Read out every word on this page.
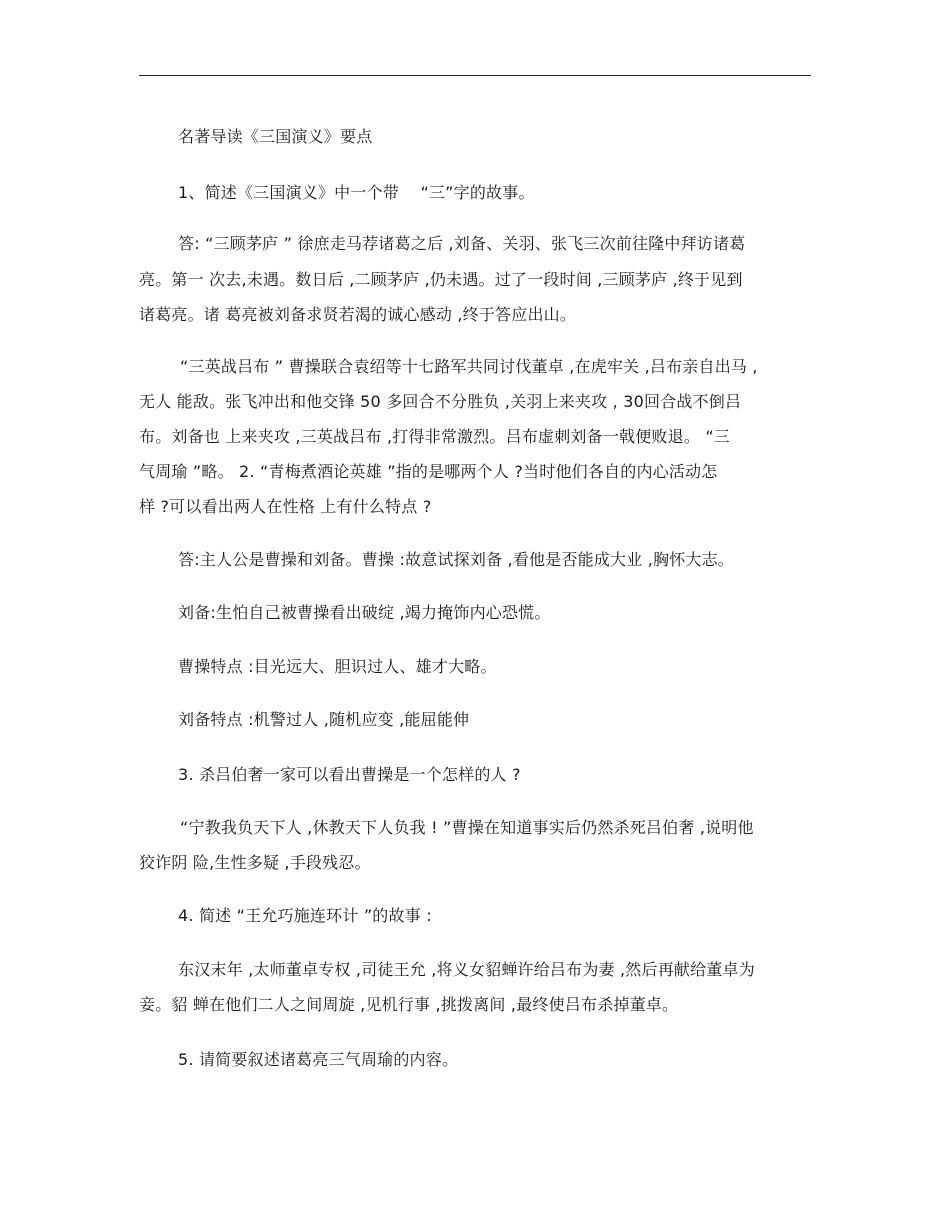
名著导读《三国演义》要点
1、简述《三国演义》中一个带　 “三”字的故事。
答: “三顾茅庐 ” 徐庶走马荐诸葛之后 ,刘备、关羽、张飞三次前往隆中拜访诸葛
亮。第一 次去,未遇。数日后 ,二顾茅庐 ,仍未遇。过了一段时间 ,三顾茅庐 ,终于见到
诸葛亮。诸 葛亮被刘备求贤若渴的诚心感动 ,终于答应出山。
“三英战吕布 ” 曹操联合袁绍等十七路军共同讨伐董卓 ,在虎牢关 ,吕布亲自出马 ,
无人 能敌。张飞冲出和他交锋 50 多回合不分胜负 ,关羽上来夹攻 , 30回合战不倒吕
布。刘备也 上来夹攻 ,三英战吕布 ,打得非常激烈。吕布虚刺刘备一戟便败退。 “三
气周瑜 ”略。 2. “青梅煮酒论英雄 ”指的是哪两个人 ?当时他们各自的内心活动怎
样 ?可以看出两人在性格 上有什么特点 ?
答:主人公是曹操和刘备。曹操 :故意试探刘备 ,看他是否能成大业 ,胸怀大志。
刘备:生怕自己被曹操看出破绽 ,竭力掩饰内心恐慌。
曹操特点 :目光远大、胆识过人、雄才大略。
刘备特点 :机警过人 ,随机应变 ,能屈能伸
3. 杀吕伯奢一家可以看出曹操是一个怎样的人 ?
“宁教我负天下人 ,休教天下人负我 ! ”曹操在知道事实后仍然杀死吕伯奢 ,说明他
狡诈阴 险,生性多疑 ,手段残忍。
4. 简述 “王允巧施连环计 ”的故事 :
东汉末年 ,太师董卓专权 ,司徒王允 ,将义女貂蝉许给吕布为妻 ,然后再献给董卓为
妾。貂 蝉在他们二人之间周旋 ,见机行事 ,挑拨离间 ,最终使吕布杀掉董卓。
5. 请简要叙述诸葛亮三气周瑜的内容。
